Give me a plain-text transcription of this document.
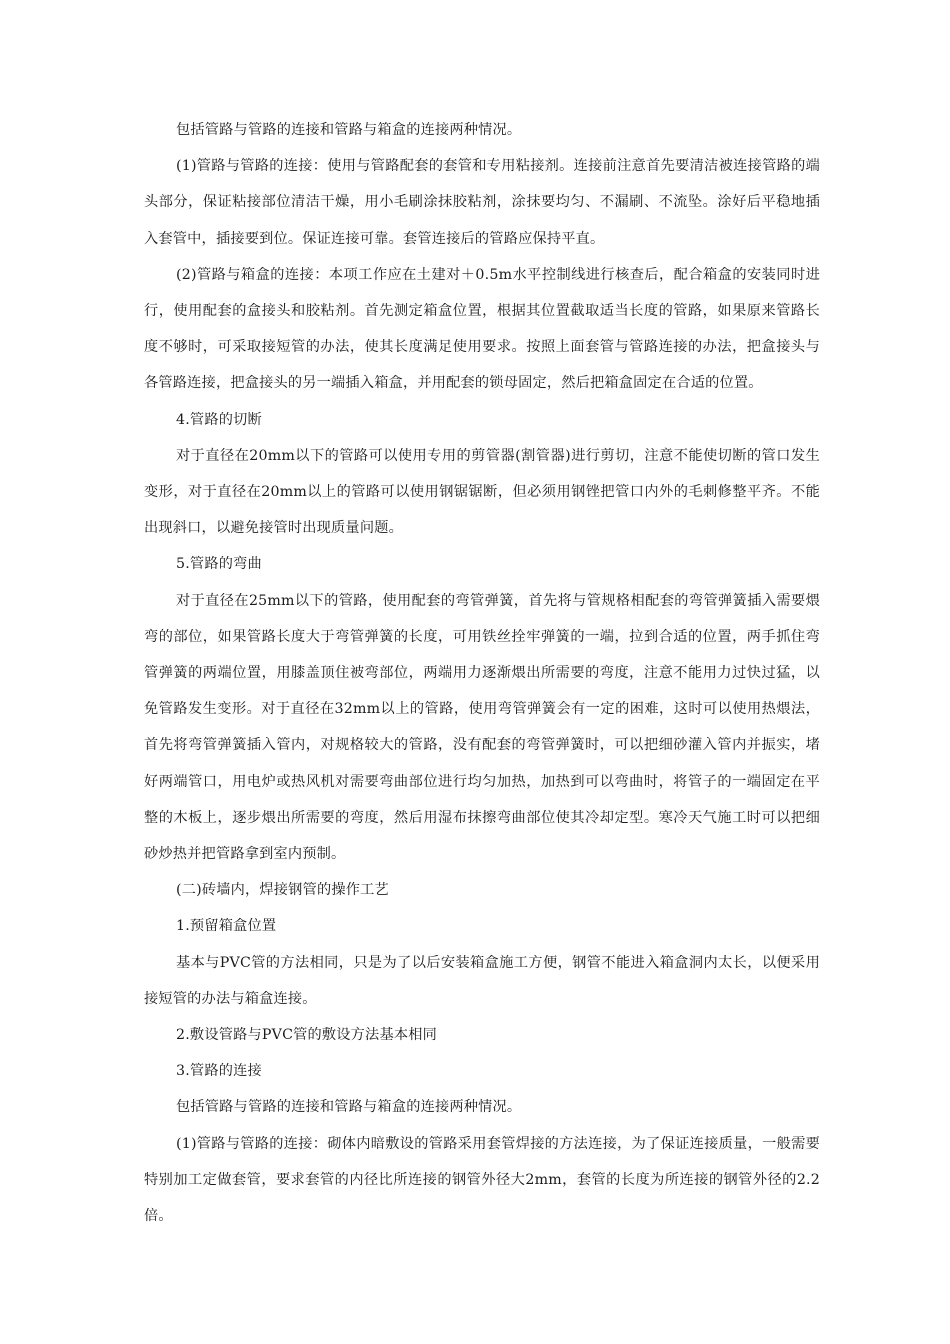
包括管路与管路的连接和管路与箱盒的连接两种情况。

(1)管路与管路的连接：使用与管路配套的套管和专用粘接剂。连接前注意首先要清洁被连接管路的端头部分，保证粘接部位清洁干燥，用小毛刷涂抹胶粘剂，涂抹要均匀、不漏刷、不流坠。涂好后平稳地插入套管中，插接要到位。保证连接可靠。套管连接后的管路应保持平直。

(2)管路与箱盒的连接：本项工作应在土建对＋0.5m水平控制线进行核查后，配合箱盒的安装同时进行，使用配套的盒接头和胶粘剂。首先测定箱盒位置，根据其位置截取适当长度的管路，如果原来管路长度不够时，可采取接短管的办法，使其长度满足使用要求。按照上面套管与管路连接的办法，把盒接头与各管路连接，把盒接头的另一端插入箱盒，并用配套的锁母固定，然后把箱盒固定在合适的位置。

4.管路的切断

对于直径在20mm以下的管路可以使用专用的剪管器(割管器)进行剪切，注意不能使切断的管口发生变形，对于直径在20mm以上的管路可以使用钢锯锯断，但必须用钢锉把管口内外的毛刺修整平齐。不能出现斜口，以避免接管时出现质量问题。

5.管路的弯曲

对于直径在25mm以下的管路，使用配套的弯管弹簧，首先将与管规格相配套的弯管弹簧插入需要煨弯的部位，如果管路长度大于弯管弹簧的长度，可用铁丝拴牢弹簧的一端，拉到合适的位置，两手抓住弯管弹簧的两端位置，用膝盖顶住被弯部位，两端用力逐渐煨出所需要的弯度，注意不能用力过快过猛，以免管路发生变形。对于直径在32mm以上的管路，使用弯管弹簧会有一定的困难，这时可以使用热煨法，首先将弯管弹簧插入管内，对规格较大的管路，没有配套的弯管弹簧时，可以把细砂灌入管内并振实，堵好两端管口，用电炉或热风机对需要弯曲部位进行均匀加热，加热到可以弯曲时，将管子的一端固定在平整的木板上，逐步煨出所需要的弯度，然后用湿布抹擦弯曲部位使其冷却定型。寒冷天气施工时可以把细砂炒热并把管路拿到室内预制。

(二)砖墙内，焊接钢管的操作工艺

1.预留箱盒位置

基本与PVC管的方法相同，只是为了以后安装箱盒施工方便，钢管不能进入箱盒洞内太长，以便采用接短管的办法与箱盒连接。

2.敷设管路与PVC管的敷设方法基本相同

3.管路的连接

包括管路与管路的连接和管路与箱盒的连接两种情况。

(1)管路与管路的连接：砌体内暗敷设的管路采用套管焊接的方法连接，为了保证连接质量，一般需要特别加工定做套管，要求套管的内径比所连接的钢管外径大2mm，套管的长度为所连接的钢管外径的2.2倍。
